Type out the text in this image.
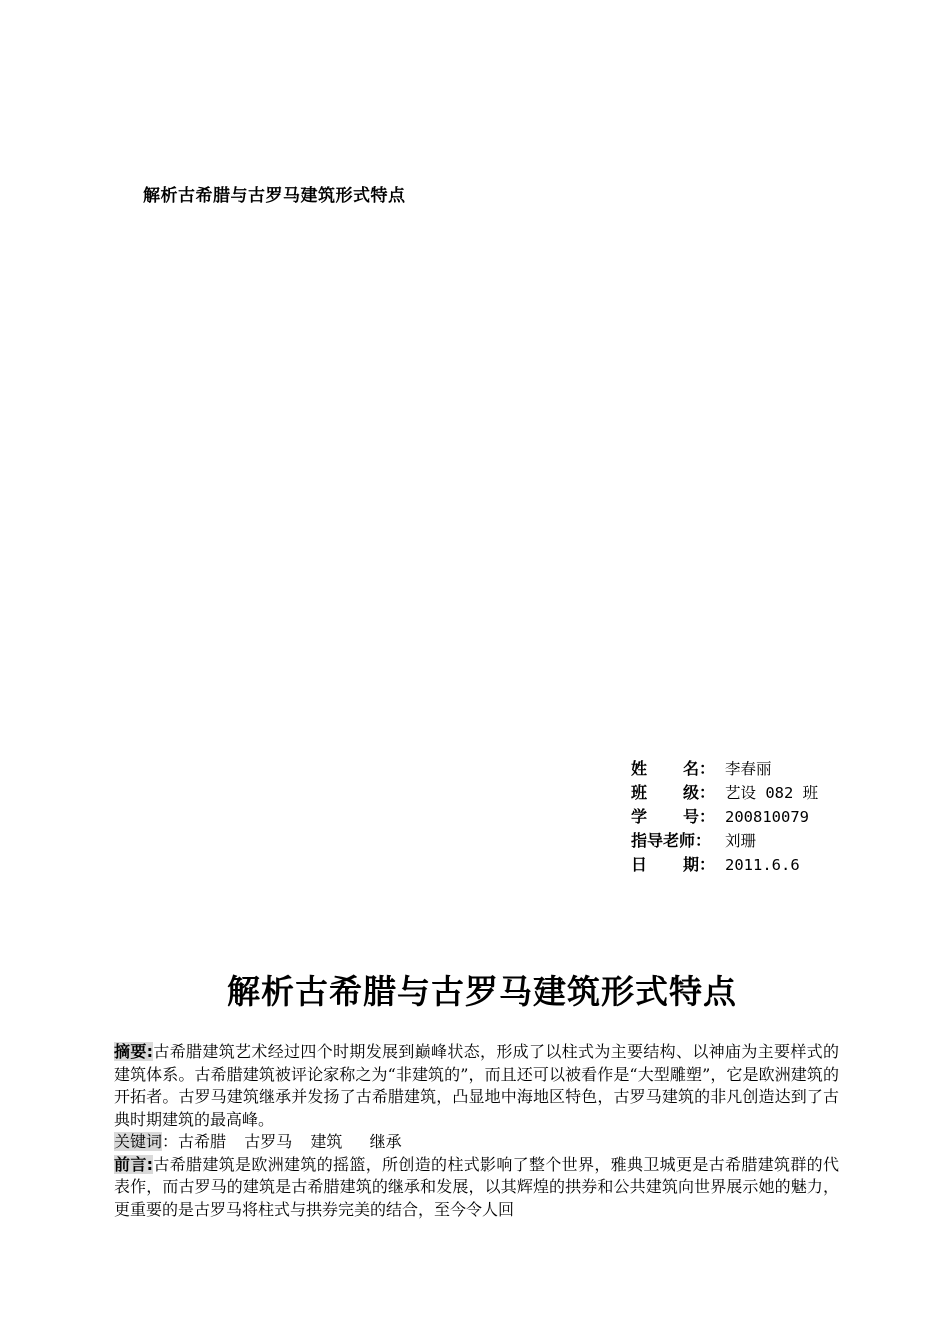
解析古希腊与古罗马建筑形式特点
姓 名： 李春丽
班 级： 艺设 082 班
学 号： 200810079
指导老师： 刘珊
日 期： 2011.6.6
解析古希腊与古罗马建筑形式特点

摘要:古希腊建筑艺术经过四个时期发展到巅峰状态，形成了以柱式为主要结构、以神庙为主要样式的建筑体系。古希腊建筑被评论家称之为“非建筑的”，而且还可以被看作是“大型雕塑”，它是欧洲建筑的开拓者。古罗马建筑继承并发扬了古希腊建筑，凸显地中海地区特色，古罗马建筑的非凡创造达到了古典时期建筑的最高峰。

关键词：古希腊  古罗马  建筑   继承

前言:古希腊建筑是欧洲建筑的摇篮，所创造的柱式影响了整个世界，雅典卫城更是古希腊建筑群的代表作，而古罗马的建筑是古希腊建筑的继承和发展，以其辉煌的拱券和公共建筑向世界展示她的魅力，更重要的是古罗马将柱式与拱券完美的结合，至今令人回
